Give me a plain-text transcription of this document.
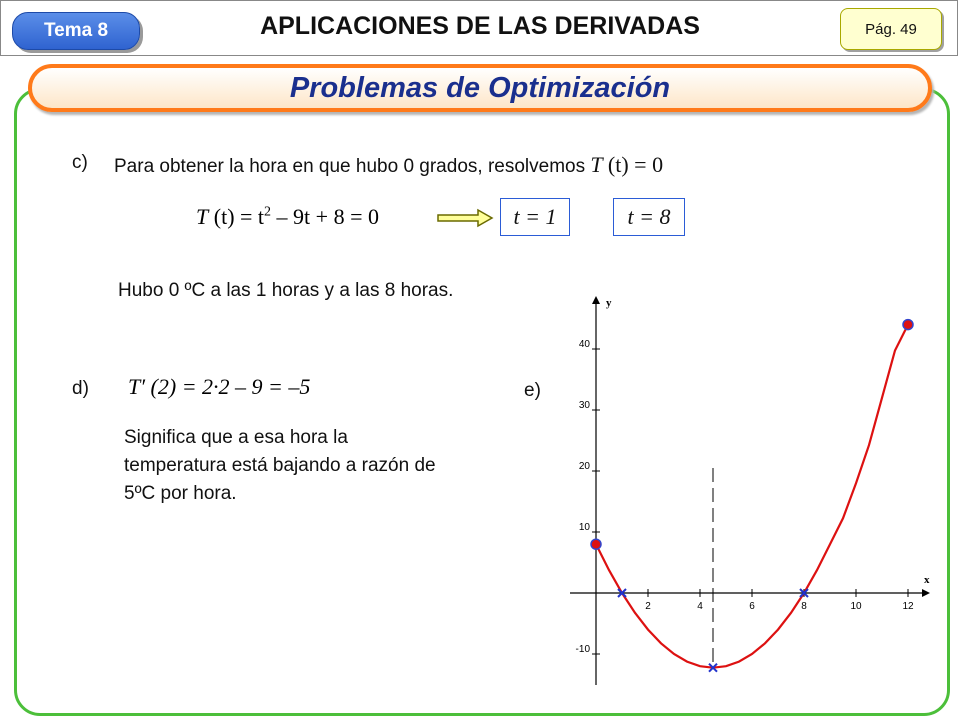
Tema 8	APLICACIONES DE LAS DERIVADAS	Pág. 49
Problemas de Optimización
c) Para obtener la hora en que hubo 0 grados, resolvemos T (t) = 0
T $(t) = t^2 - 9t + 8 = 0$	t = 1	t = 8
Hubo 0 ºC a las 1 horas y a las 8 horas.
d) T′ (2) = 2·2 – 9 = –5
Significa que a esa hora la temperatura está bajando a razón de 5ºC por hora.
e)
x
y
2	4	6	8	10	12
-10
10
20
30
40
